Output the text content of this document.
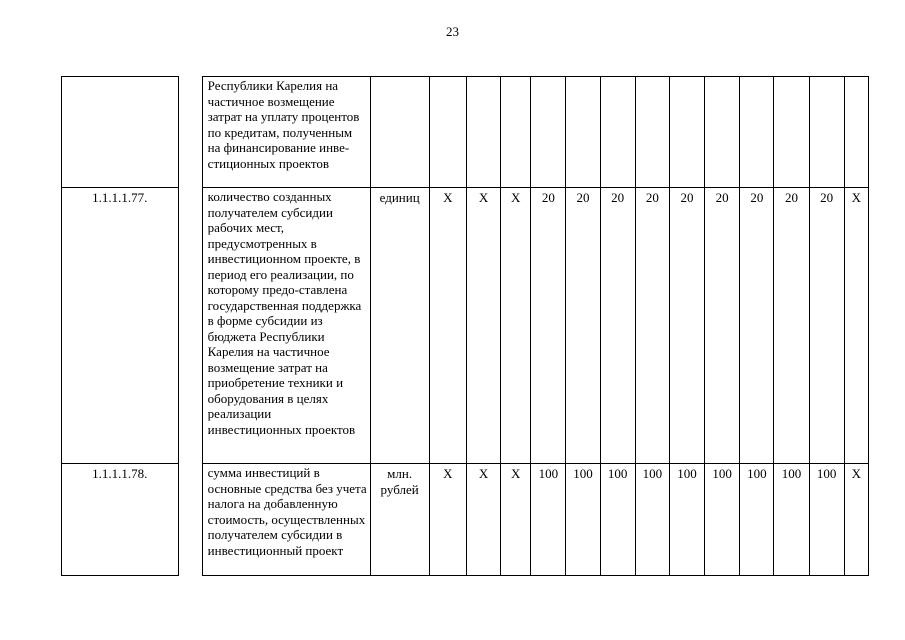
23
		Республики Карелия на частичное возмещение затрат на уплату процентов по кредитам, полученным на финансирование инве-стиционных проектов														
1.1.1.1.77.		количество созданных получателем субсидии рабочих мест, предусмотренных в инвестиционном проекте, в период его реализации, по которому предо-ставлена государственная поддержка в форме субсидии из бюджета Республики Карелия на частичное возмещение затрат на приобретение техники и оборудования в целях реализации инвестиционных проектов	единиц	Х	Х	Х	20	20	20	20	20	20	20	20	20	Х
1.1.1.1.78.		сумма инвестиций в основные средства без учета налога на добавленную стоимость, осуществленных получателем субсидии в инвестиционный проект	млн. рублей	Х	Х	Х	100	100	100	100	100	100	100	100	100	Х
